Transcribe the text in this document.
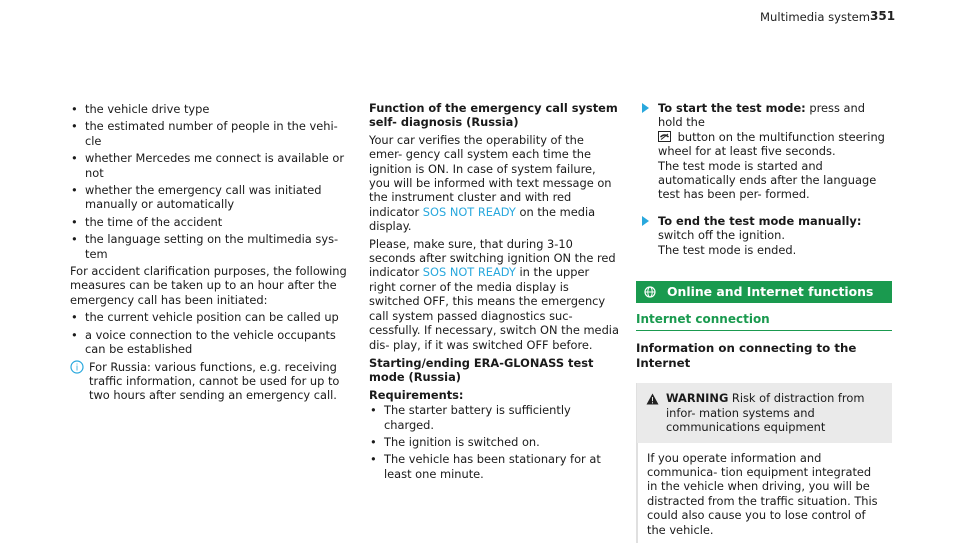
Multimedia system 351
• the vehicle drive type
• the estimated number of people in the vehi- cle
• whether Mercedes me connect is available or not
• whether the emergency call was initiated manually or automatically
• the time of the accident
• the language setting on the multimedia sys- tem

For accident clarification purposes, the following measures can be taken up to an hour after the emergency call has been initiated:

• the current vehicle position can be called up
• a voice connection to the vehicle occupants can be established
i For Russia: various functions, e.g. receiving traffic information, cannot be used for up to two hours after sending an emergency call.

Function of the emergency call system self- diagnosis (Russia)

Your car verifies the operability of the emer- gency call system each time the ignition is ON. In case of system failure, you will be informed with text message on the instrument cluster and with red indicator SOS NOT READY on the media display.

Please, make sure, that during 3-10 seconds after switching ignition ON the red indicator SOS NOT READY in the upper right corner of the media display is switched OFF, this means the emergency call system passed diagnostics suc- cessfully. If necessary, switch ON the media dis- play, if it was switched OFF before.

Starting/ending ERA-GLONASS test mode (Russia)

Requirements:

• The starter battery is sufficiently charged.
• The ignition is switched on.
• The vehicle has been stationary for at least one minute.
To start the test mode: press and hold the
button on the multifunction steering wheel for at least five seconds.
The test mode is started and automatically ends after the language test has been per- formed.
To end the test mode manually: switch off the ignition.
The test mode is ended.
Online and Internet functions
Internet connection
Information on connecting to the Internet
WARNING Risk of distraction from infor- mation systems and communications equipment
If you operate information and communica- tion equipment integrated in the vehicle when driving, you will be distracted from the traffic situation. This could also cause you to lose control of the vehicle.
